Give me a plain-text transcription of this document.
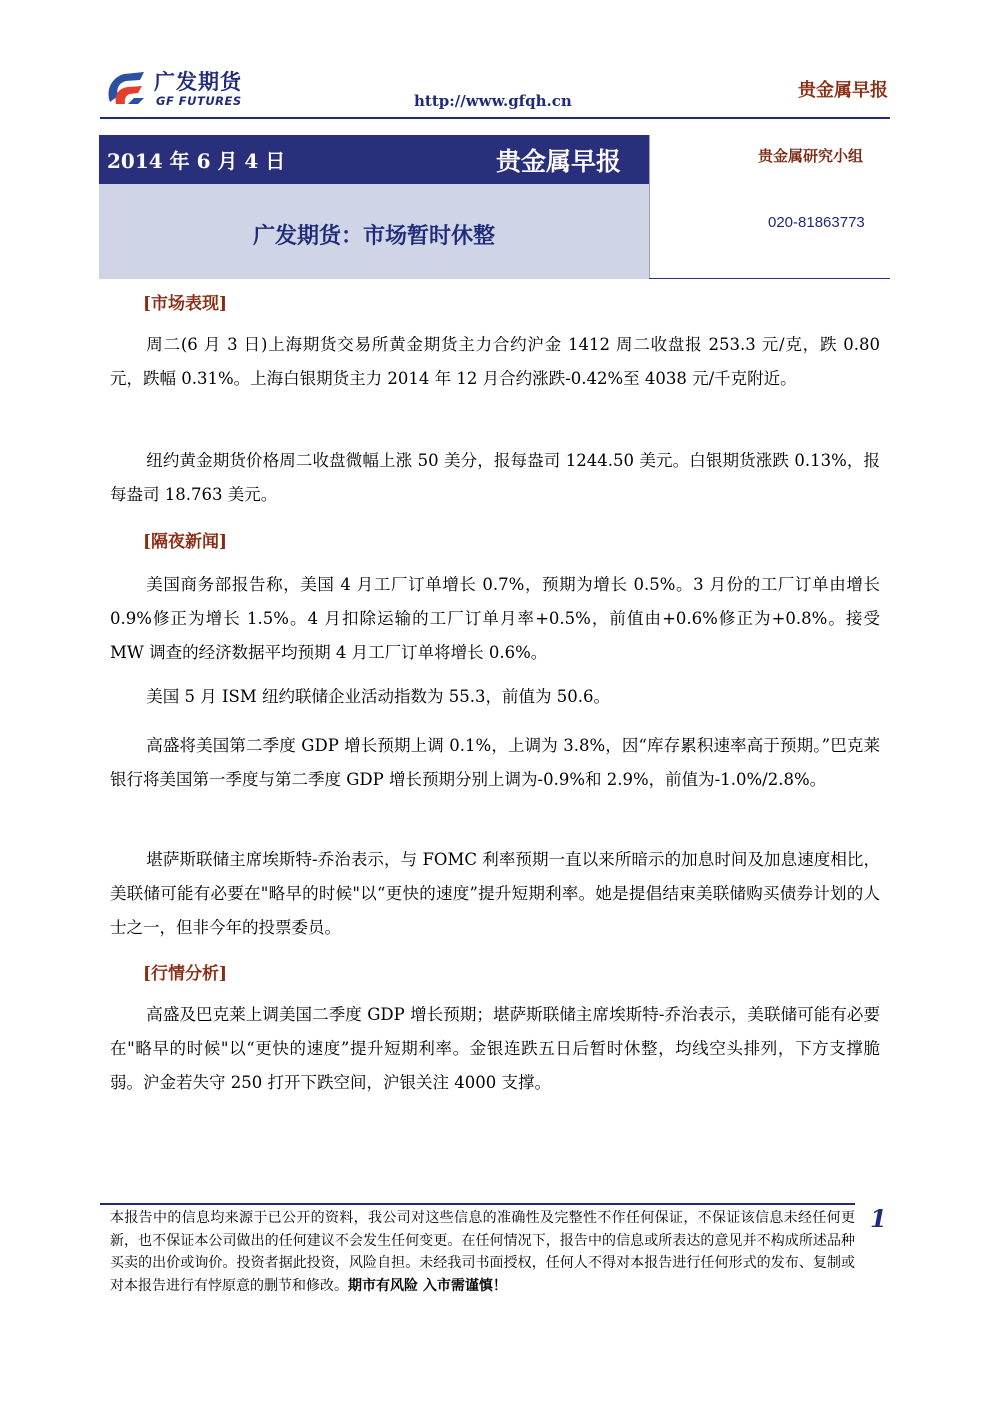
广发期货
GF FUTURES	贵金属早报
http://www.gfqh.cn
2014 年 6 月 4 日	贵金属早报
广发期货：市场暂时休整
贵金属研究小组
020-81863773
[市场表现]
周二(6 月 3 日)上海期货交易所黄金期货主力合约沪金 1412 周二收盘报 253.3 元/克，跌 0.80 元，跌幅 0.31%。上海白银期货主力 2014 年 12 月合约涨跌-0.42%至 4038 元/千克附近。
纽约黄金期货价格周二收盘微幅上涨 50 美分，报每盎司 1244.50 美元。白银期货涨跌 0.13%，报每盎司 18.763 美元。
[隔夜新闻]
美国商务部报告称，美国 4 月工厂订单增长 0.7%，预期为增长 0.5%。3 月份的工厂订单由增长 0.9%修正为增长 1.5%。4 月扣除运输的工厂订单月率+0.5%，前值由+0.6%修正为+0.8%。接受 MW 调查的经济数据平均预期 4 月工厂订单将增长 0.6%。
美国 5 月 ISM 纽约联储企业活动指数为 55.3，前值为 50.6。
高盛将美国第二季度 GDP 增长预期上调 0.1%，上调为 3.8%，因“库存累积速率高于预期。”巴克莱银行将美国第一季度与第二季度 GDP 增长预期分别上调为-0.9%和 2.9%，前值为-1.0%/2.8%。
堪萨斯联储主席埃斯特-乔治表示，与 FOMC 利率预期一直以来所暗示的加息时间及加息速度相比，美联储可能有必要在"略早的时候"以“更快的速度”提升短期利率。她是提倡结束美联储购买债券计划的人士之一，但非今年的投票委员。
[行情分析]
高盛及巴克莱上调美国二季度 GDP 增长预期；堪萨斯联储主席埃斯特-乔治表示，美联储可能有必要在"略早的时候"以“更快的速度”提升短期利率。金银连跌五日后暂时休整，均线空头排列，下方支撑脆弱。沪金若失守 250 打开下跌空间，沪银关注 4000 支撑。
本报告中的信息均来源于已公开的资料，我公司对这些信息的准确性及完整性不作任何保证，不保证该信息未经任何更新，也不保证本公司做出的任何建议不会发生任何变更。在任何情况下，报告中的信息或所表达的意见并不构成所述品种买卖的出价或询价。投资者据此投资，风险自担。未经我司书面授权，任何人不得对本报告进行任何形式的发布、复制或对本报告进行有悖原意的删节和修改。期市有风险 入市需谨慎！
1
